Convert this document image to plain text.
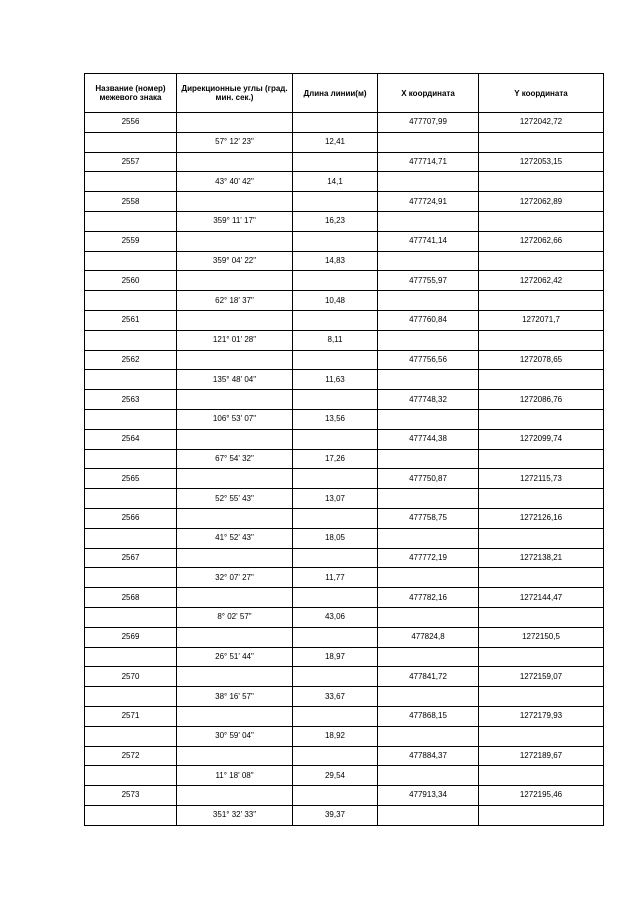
Название (номер) межевого знака	Дирекционные углы (град. мин. сек.)	Длина линии(м)	X координата	Y координата
2556			477707,99	1272042,72
	57° 12' 23"	12,41		
2557			477714,71	1272053,15
	43° 40' 42"	14,1		
2558			477724,91	1272062,89
	359° 11' 17"	16,23		
2559			477741,14	1272062,66
	359° 04' 22"	14,83		
2560			477755,97	1272062,42
	62° 18' 37"	10,48		
2561			477760,84	1272071,7
	121° 01' 28"	8,11		
2562			477756,56	1272078,65
	135° 48' 04"	11,63		
2563			477748,32	1272086,76
	106° 53' 07"	13,56		
2564			477744,38	1272099,74
	67° 54' 32"	17,26		
2565			477750,87	1272115,73
	52° 55' 43"	13,07		
2566			477758,75	1272126,16
	41° 52' 43"	18,05		
2567			477772,19	1272138,21
	32° 07' 27"	11,77		
2568			477782,16	1272144,47
	8° 02' 57"	43,06		
2569			477824,8	1272150,5
	26° 51' 44"	18,97		
2570			477841,72	1272159,07
	38° 16' 57"	33,67		
2571			477868,15	1272179,93
	30° 59' 04"	18,92		
2572			477884,37	1272189,67
	11° 18' 08"	29,54		
2573			477913,34	1272195,46
	351° 32' 33"	39,37		
